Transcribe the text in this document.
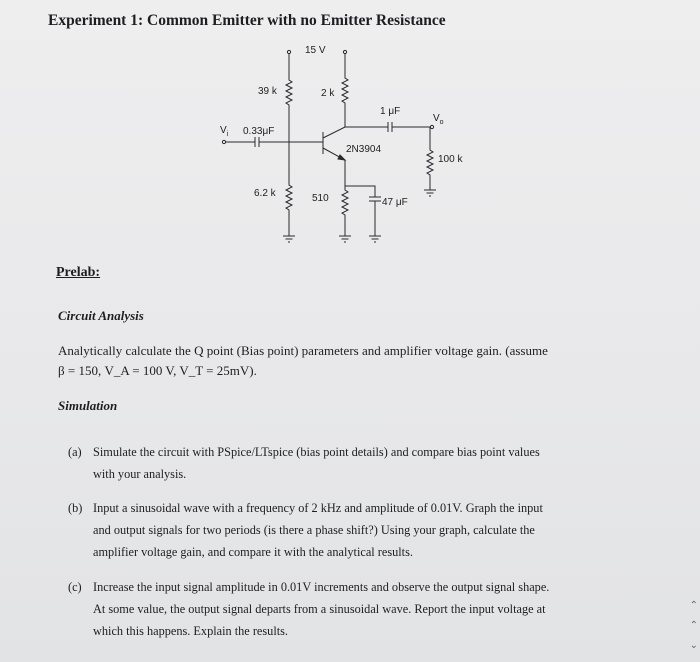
Experiment 1: Common Emitter with no Emitter Resistance
15 V
39 k	2 k
1 μF
$V_i$ 0.33μF
2N3904
$V_o$
100 k
6.2 k	510	47 μF
Prelab:
Circuit Analysis
Analytically calculate the Q point (Bias point) parameters and amplifier voltage gain. (assume
β = 150, V_A = 100 V, V_T = 25mV).
Simulation
(a) Simulate the circuit with PSpice/LTspice (bias point details) and compare bias point values
with your analysis.
(b) Input a sinusoidal wave with a frequency of 2 kHz and amplitude of 0.01V. Graph the input
and output signals for two periods (is there a phase shift?) Using your graph, calculate the
amplifier voltage gain, and compare it with the analytical results.
(c) Increase the input signal amplitude in 0.01V increments and observe the output signal shape.
At some value, the output signal departs from a sinusoidal wave. Report the input voltage at
which this happens. Explain the results.
⌃
⌃
⌄
